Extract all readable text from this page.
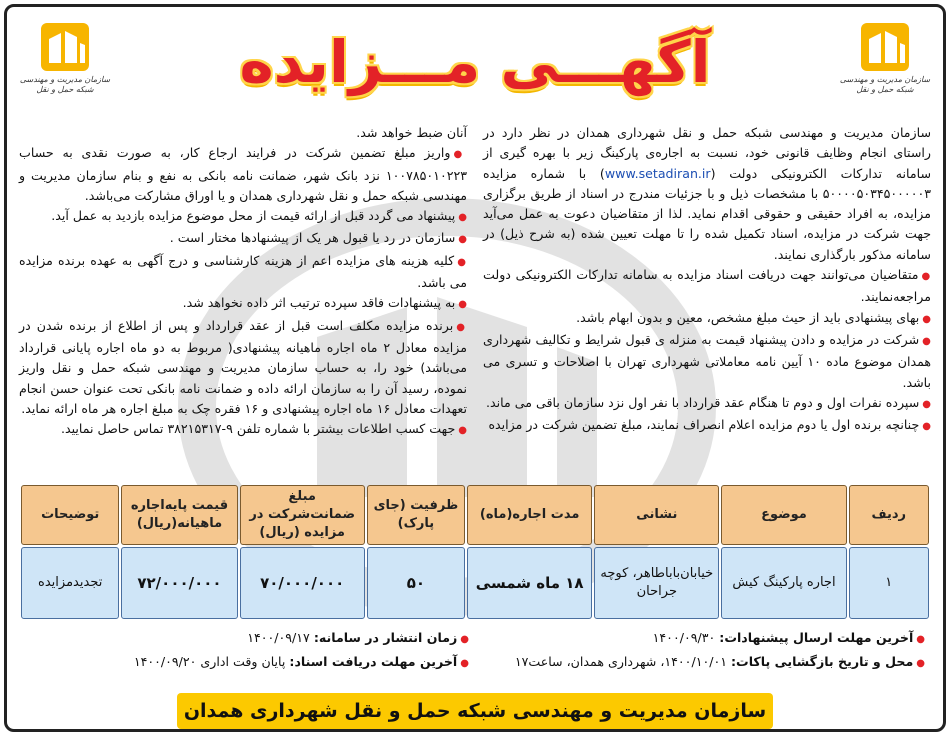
سازمان مدیریت و مهندسی
شبکه حمل و نقل
آگهـــی مـــزایده
سازمان مدیریت و مهندسی
شبکه حمل و نقل

سازمان مدیریت و مهندسی شبکه حمل و نقل شهرداری همدان در نظر دارد در راستای انجام وظایف قانونی خود، نسبت به اجاره‌ی پارکینگ زیر با بهره گیری از سامانه تدارکات الکترونیکی دولت (www.setadiran.ir) با شماره مزایده ۵۰۰۰۰۵۰۳۴۵۰۰۰۰۰۳ با مشخصات ذیل و با جزئیات مندرج در اسناد از طریق برگزاری مزایده، به افراد حقیقی و حقوقی اقدام نماید. لذا از متقاضیان دعوت به عمل می‌آید جهت شرکت در مزایده، اسناد تکمیل شده را تا مهلت تعیین شده (به شرح ذیل) در سامانه مذکور بارگذاری نمایند.

● متقاضیان می‌توانند جهت دریافت اسناد مزایده به سامانه تدارکات الکترونیکی دولت مراجعه‌نمایند.

● بهای پیشنهادی باید از حیث مبلغ مشخص، معین و بدون ابهام باشد.

● شرکت در مزایده و دادن پیشنهاد قیمت به منزله ی قبول شرایط و تکالیف شهرداری همدان موضوع ماده ۱۰ آیین نامه معاملاتی شهرداری تهران با اصلاحات و تسری می باشد.

● سپرده نفرات اول و دوم تا هنگام عقد قرارداد با نفر اول نزد سازمان باقی می ماند.

● چنانچه برنده اول یا دوم مزایده اعلام انصراف نمایند، مبلغ تضمین شرکت در مزایده

آنان ضبط خواهد شد.

● واریز مبلغ تضمین شرکت در فرایند ارجاع کار، به صورت نقدی به حساب ۱۰۰۷۸۵۰۱۰۲۲۳ نزد بانک شهر، ضمانت نامه بانکی به نفع و بنام سازمان مدیریت و مهندسی شبکه حمل و نقل شهرداری همدان و یا اوراق مشارکت می‌باشد.

● پیشنهاد می گردد قبل از ارائه قیمت از محل موضوع مزایده بازدید به عمل آید.

● سازمان در رد یا قبول هر یک از پیشنهادها مختار است .

● کلیه هزینه های مزایده اعم از هزینه کارشناسی و درج آگهی به عهده برنده مزایده می باشد.

● به پیشنهادات فاقد سپرده ترتیب اثر داده نخواهد شد.

● برنده مزایده مکلف است قبل از عقد قرارداد و پس از اطلاع از برنده شدن در مزایده معادل ۲ ماه اجاره ماهیانه پیشنهادی( مربوط به دو ماه اجاره پایانی قرارداد می‌باشد) خود را، به حساب سازمان مدیریت و مهندسی شبکه حمل و نقل واریز نموده، رسید آن را به سازمان ارائه داده و ضمانت نامه بانکی تحت عنوان حسن انجام تعهدات معادل ۱۶ ماه اجاره پیشنهادی و ۱۶ فقره چک به مبلغ اجاره هر ماه ارائه نماید.

● جهت کسب اطلاعات بیشتر با شماره تلفن ۹-۳۸۲۱۵۳۱۷ تماس حاصل نمایید.

ردیف	موضوع	نشانی	مدت اجاره(ماه)	ظرفیت (جای پارک)	مبلغ ضمانت‌شرکت در مزایده (ریال)	قیمت پایه‌اجاره ماهیانه(ریال)	توضیحات
۱	اجاره پارکینگ کیش	خیابان‌باباطاهر، کوچه جراحان	۱۸ ماه شمسی	۵۰	۷۰/۰۰۰/۰۰۰	۷۲/۰۰۰/۰۰۰	تجدیدمزایده
● زمان انتشار در سامانه: ۱۴۰۰/۰۹/۱۷
● آخرین مهلت دریافت اسناد: پایان وقت اداری ۱۴۰۰/۰۹/۲۰
● آخرین مهلت ارسال پیشنهادات: ۱۴۰۰/۰۹/۳۰
● محل و تاریخ بازگشایی پاکات: ۱۴۰۰/۱۰/۰۱، شهرداری همدان، ساعت۱۷
سازمان مدیریت و مهندسی شبکه حمل و نقل شهرداری همدان
